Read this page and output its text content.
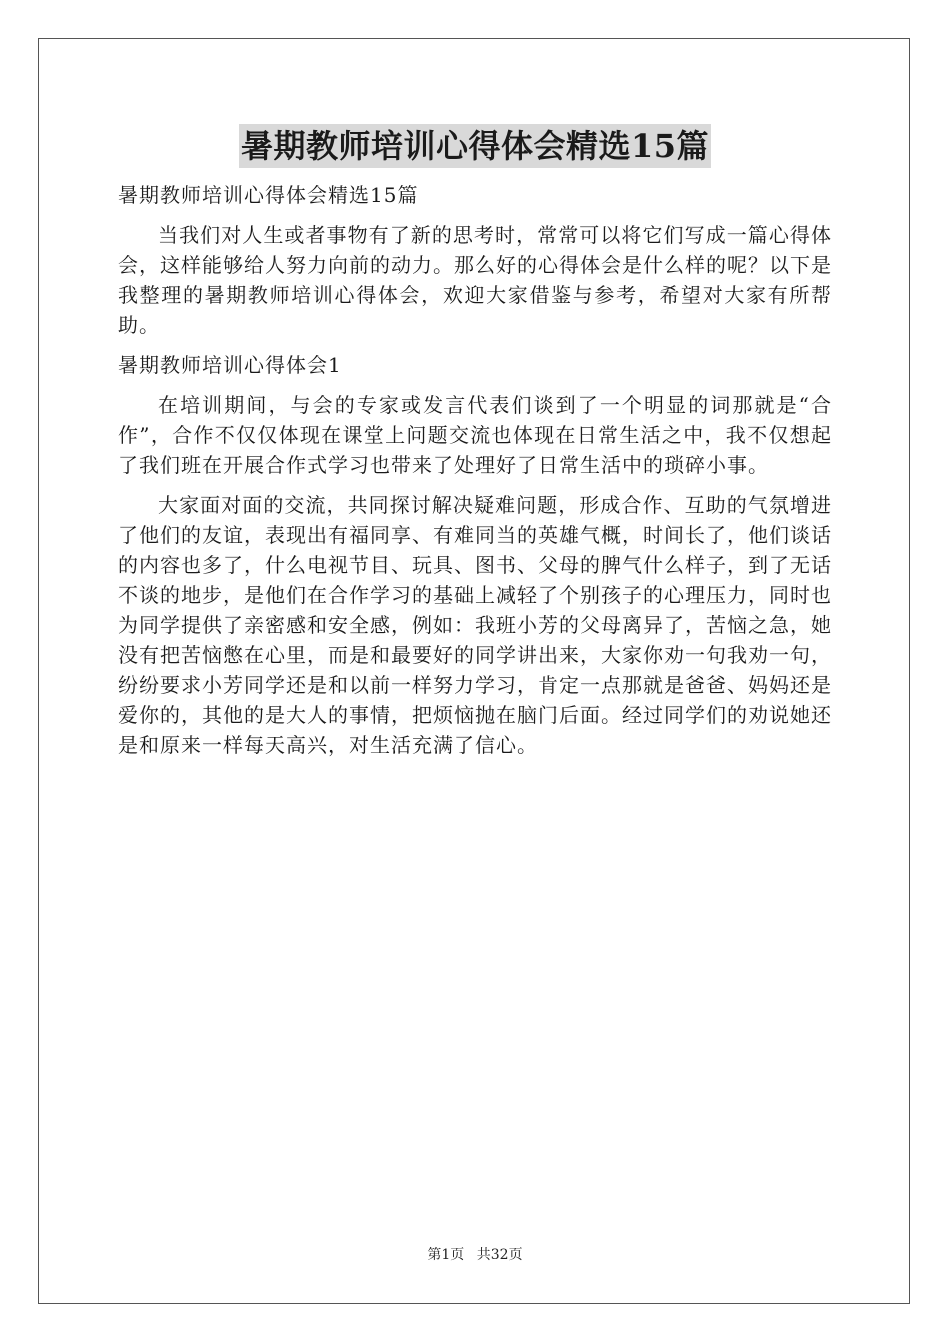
暑期教师培训心得体会精选15篇

暑期教师培训心得体会精选15篇

当我们对人生或者事物有了新的思考时，常常可以将它们写成一篇心得体会，这样能够给人努力向前的动力。那么好的心得体会是什么样的呢？以下是我整理的暑期教师培训心得体会，欢迎大家借鉴与参考，希望对大家有所帮助。

暑期教师培训心得体会1

在培训期间，与会的专家或发言代表们谈到了一个明显的词那就是“合作”，合作不仅仅体现在课堂上问题交流也体现在日常生活之中，我不仅想起了我们班在开展合作式学习也带来了处理好了日常生活中的琐碎小事。

大家面对面的交流，共同探讨解决疑难问题，形成合作、互助的气氛增进了他们的友谊，表现出有福同享、有难同当的英雄气概，时间长了，他们谈话的内容也多了，什么电视节目、玩具、图书、父母的脾气什么样子，到了无话不谈的地步，是他们在合作学习的基础上减轻了个别孩子的心理压力，同时也为同学提供了亲密感和安全感，例如：我班小芳的父母离异了，苦恼之急，她没有把苦恼憋在心里，而是和最要好的同学讲出来，大家你劝一句我劝一句，纷纷要求小芳同学还是和以前一样努力学习，肯定一点那就是爸爸、妈妈还是爱你的，其他的是大人的事情，把烦恼抛在脑门后面。经过同学们的劝说她还是和原来一样每天高兴，对生活充满了信心。

第1页 共32页
